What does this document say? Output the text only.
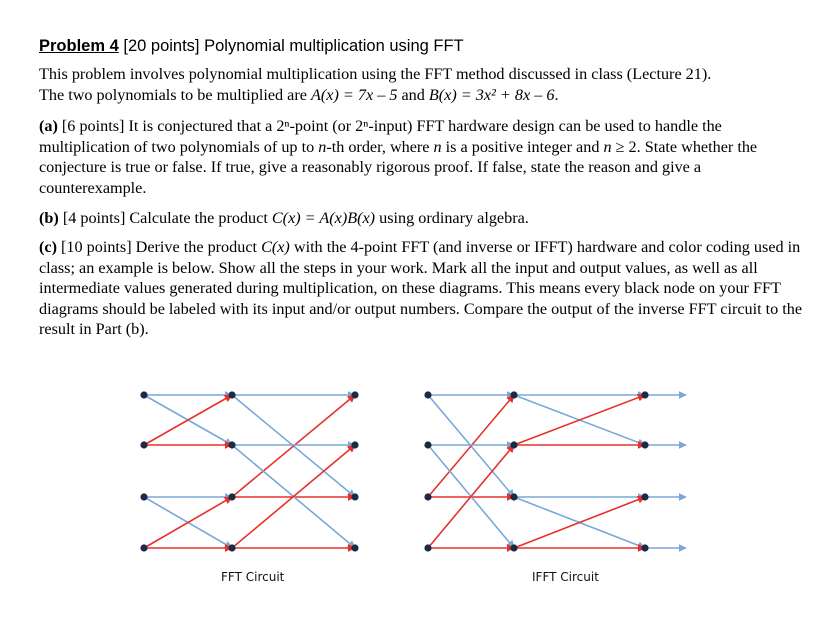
Problem 4 [20 points] Polynomial multiplication using FFT
This problem involves polynomial multiplication using the FFT method discussed in class (Lecture 21).
The two polynomials to be multiplied are A(x) = 7x – 5 and B(x) = 3x² + 8x – 6.
(a) [6 points] It is conjectured that a 2ⁿ-point (or 2ⁿ-input) FFT hardware design can be used to handle the multiplication of two polynomials of up to n-th order, where n is a positive integer and n ≥ 2. State whether the conjecture is true or false. If true, give a reasonably rigorous proof. If false, state the reason and give a counterexample.
(b) [4 points] Calculate the product C(x) = A(x)B(x) using ordinary algebra.
(c) [10 points] Derive the product C(x) with the 4-point FFT (and inverse or IFFT) hardware and color coding used in class; an example is below. Show all the steps in your work. Mark all the input and output values, as well as all intermediate values generated during multiplication, on these diagrams. This means every black node on your FFT diagrams should be labeled with its input and/or output numbers. Compare the output of the inverse FFT circuit to the result in Part (b).
FFT Circuit	IFFT Circuit
